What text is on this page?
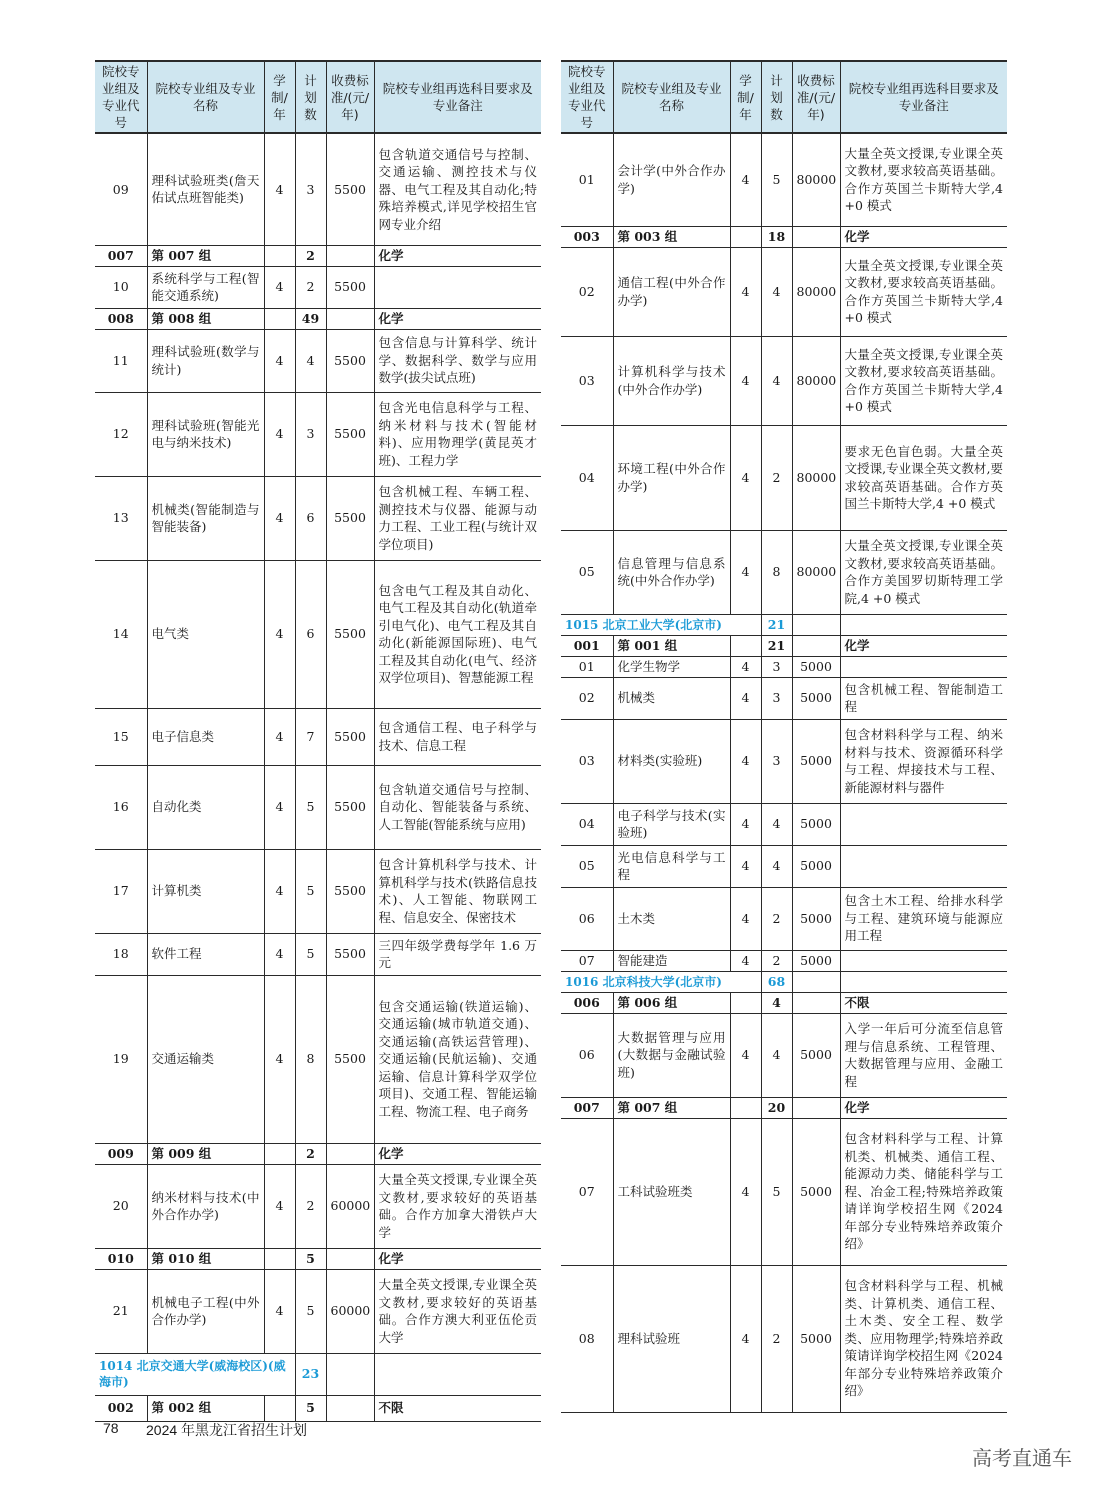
院校专业组及专业代号	院校专业组及专业名称	学制/年	计划数	收费标准/(元/年)	院校专业组再选科目要求及专业备注
09	理科试验班类(詹天佑试点班智能类)	4	3	5500	包含轨道交通信号与控制、交通运输、测控技术与仪器、电气工程及其自动化;特殊培养模式,详见学校招生官网专业介绍
007	第 007 组		2		化学
10	系统科学与工程(智能交通系统)	4	2	5500	
008	第 008 组		49		化学
11	理科试验班(数学与统计)	4	4	5500	包含信息与计算科学、统计学、数据科学、数学与应用数学(拔尖试点班)
12	理科试验班(智能光电与纳米技术)	4	3	5500	包含光电信息科学与工程、纳米材料与技术(智能材料)、应用物理学(黄昆英才班)、工程力学
13	机械类(智能制造与智能装备)	4	6	5500	包含机械工程、车辆工程、测控技术与仪器、能源与动力工程、工业工程(与统计双学位项目)
14	电气类	4	6	5500	包含电气工程及其自动化、电气工程及其自动化(轨道牵引电气化)、电气工程及其自动化(新能源国际班)、电气工程及其自动化(电气、经济双学位项目)、智慧能源工程
15	电子信息类	4	7	5500	包含通信工程、电子科学与技术、信息工程
16	自动化类	4	5	5500	包含轨道交通信号与控制、自动化、智能装备与系统、人工智能(智能系统与应用)
17	计算机类	4	5	5500	包含计算机科学与技术、计算机科学与技术(铁路信息技术)、人工智能、物联网工程、信息安全、保密技术
18	软件工程	4	5	5500	三四年级学费每学年 1.6 万元
19	交通运输类	4	8	5500	包含交通运输(铁道运输)、交通运输(城市轨道交通)、交通运输(高铁运营管理)、交通运输(民航运输)、交通运输、信息计算科学双学位项目)、交通工程、智能运输工程、物流工程、电子商务
009	第 009 组		2		化学
20	纳米材料与技术(中外合作办学)	4	2	60000	大量全英文授课,专业课全英文教材,要求较好的英语基础。合作方加拿大滑铁卢大学
010	第 010 组		5		化学
21	机械电子工程(中外合作办学)	4	5	60000	大量全英文授课,专业课全英文教材,要求较好的英语基础。合作方澳大利亚伍伦贡大学
1014 北京交通大学(威海校区)(威海市)			23		
002	第 002 组		5		不限
院校专业组及专业代号	院校专业组及专业名称	学制/年	计划数	收费标准/(元/年)	院校专业组再选科目要求及专业备注
01	会计学(中外合作办学)	4	5	80000	大量全英文授课,专业课全英文教材,要求较高英语基础。合作方英国兰卡斯特大学,4 +0 模式
003	第 003 组		18		化学
02	通信工程(中外合作办学)	4	4	80000	大量全英文授课,专业课全英文教材,要求较高英语基础。合作方英国兰卡斯特大学,4 +0 模式
03	计算机科学与技术(中外合作办学)	4	4	80000	大量全英文授课,专业课全英文教材,要求较高英语基础。合作方英国兰卡斯特大学,4 +0 模式
04	环境工程(中外合作办学)	4	2	80000	要求无色盲色弱。大量全英文授课,专业课全英文教材,要求较高英语基础。合作方英国兰卡斯特大学,4 +0 模式
05	信息管理与信息系统(中外合作办学)	4	8	80000	大量全英文授课,专业课全英文教材,要求较高英语基础。合作方美国罗切斯特理工学院,4 +0 模式
1015 北京工业大学(北京市)			21		
001	第 001 组		21		化学
01	化学生物学	4	3	5000	
02	机械类	4	3	5000	包含机械工程、智能制造工程
03	材料类(实验班)	4	3	5000	包含材料科学与工程、纳米材料与技术、资源循环科学与工程、焊接技术与工程、新能源材料与器件
04	电子科学与技术(实验班)	4	4	5000	
05	光电信息科学与工程	4	4	5000	
06	土木类	4	2	5000	包含土木工程、给排水科学与工程、建筑环境与能源应用工程
07	智能建造	4	2	5000	
1016 北京科技大学(北京市)			68		
006	第 006 组		4		不限
06	大数据管理与应用(大数据与金融试验班)	4	4	5000	入学一年后可分流至信息管理与信息系统、工程管理、大数据管理与应用、金融工程
007	第 007 组		20		化学
07	工科试验班类	4	5	5000	包含材料科学与工程、计算机类、机械类、通信工程、能源动力类、储能科学与工程、冶金工程;特殊培养政策请详询学校招生网《2024 年部分专业特殊培养政策介绍》
08	理科试验班	4	2	5000	包含材料科学与工程、机械类、计算机类、通信工程、土木类、安全工程、数学类、应用物理学;特殊培养政策请详询学校招生网《2024 年部分专业特殊培养政策介绍》
78 2024 年黑龙江省招生计划
高考直通车
